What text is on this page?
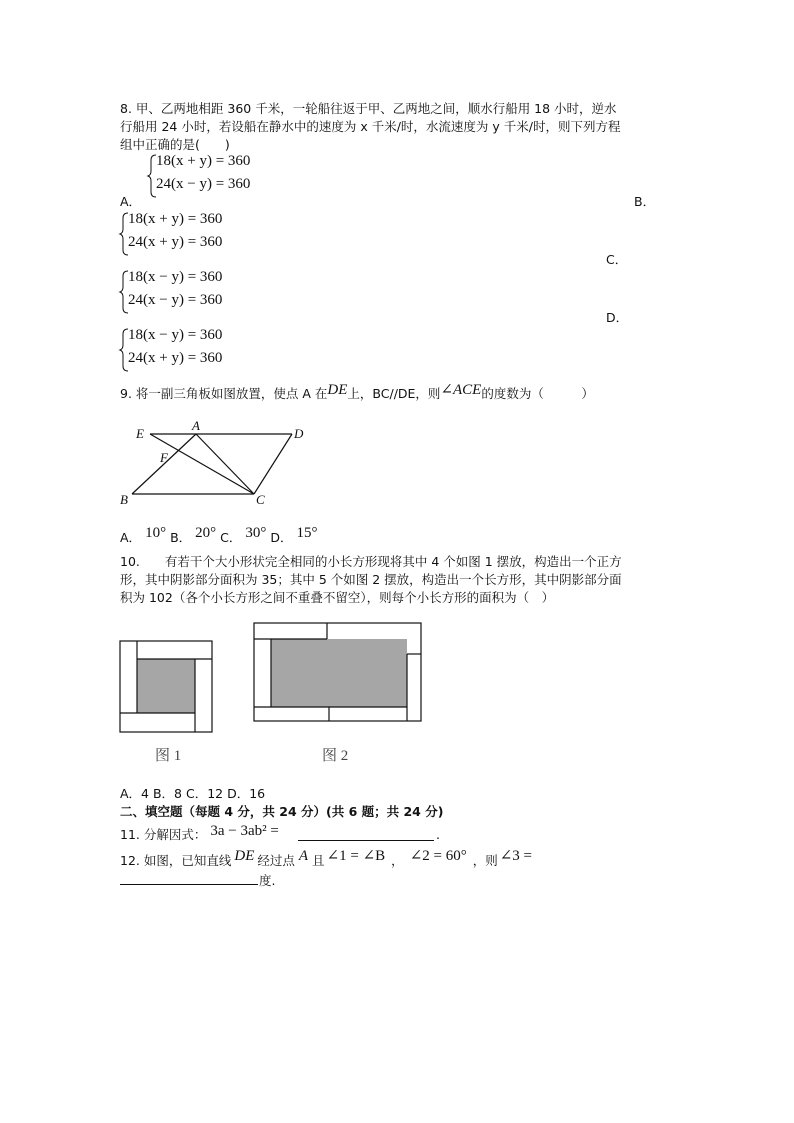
8. 甲、乙两地相距 360 千米，一轮船往返于甲、乙两地之间，顺水行船用 18 小时，逆水
行船用 24 小时，若设船在静水中的速度为 x 千米/时，水流速度为 y 千米/时，则下列方程
组中正确的是(　　)
18(x + y) = 360
24(x − y) = 360
A．	B．
18(x + y) = 360
24(x + y) = 360
C．
18(x − y) = 360
24(x − y) = 360
D．
18(x − y) = 360
24(x + y) = 360
9. 将一副三角板如图放置，使点 A 在DE上，BC//DE，则∠ACE的度数为（　　　）
E
A
D
F
B	C
A． 10° B． 20° C． 30° D． 15°
10.　　有若干个大小形状完全相同的小长方形现将其中 4 个如图 1 摆放，构造出一个正方
形，其中阴影部分面积为 35；其中 5 个如图 2 摆放，构造出一个长方形，其中阴影部分面
积为 102（各个小长方形之间不重叠不留空），则每个小长方形的面积为（　）
图 1	图 2
A．4 B．8 C．12 D．16
二、填空题（每题 4 分，共 24 分）(共 6 题；共 24 分)
11. 分解因式： 3a − 3ab² =	.
12. 如图，已知直线 DE 经过点 A 且 ∠1 = ∠B ， ∠2 = 60° ，则 ∠3 =
度.
